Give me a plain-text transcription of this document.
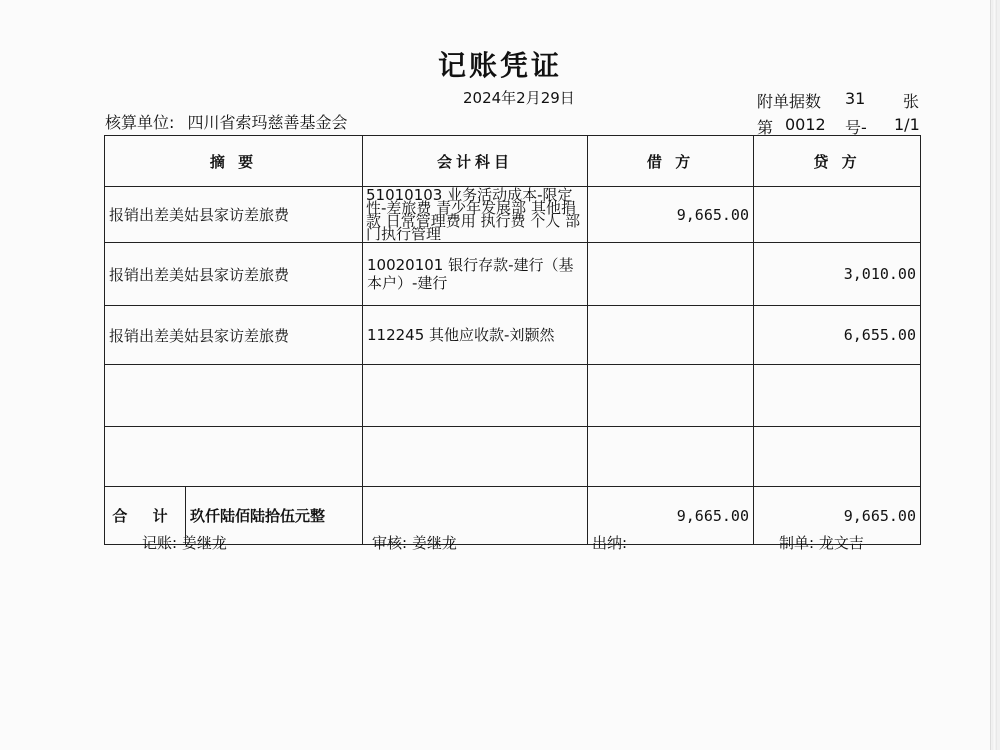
记账凭证
2024年2月29日
核算单位: 四川省索玛慈善基金会
附单据数 31 张
第 0012 号- 1/1
摘 要	会计科目	借 方	贷 方
报销出差美姑县家访差旅费	51010103 业务活动成本-限定性-差旅费 青少年发展部 其他捐款 日常管理费用 执行费 个人 部门执行管理	9,665.00	
报销出差美姑县家访差旅费	10020101 银行存款-建行（基本户）-建行		3,010.00
报销出差美姑县家访差旅费	112245 其他应收款-刘颢然		6,655.00

合 计 玖仟陆佰陆拾伍元整		9,665.00	9,665.00
记账: 姜继龙	审核: 姜继龙	出纳:	制单: 龙文吉
